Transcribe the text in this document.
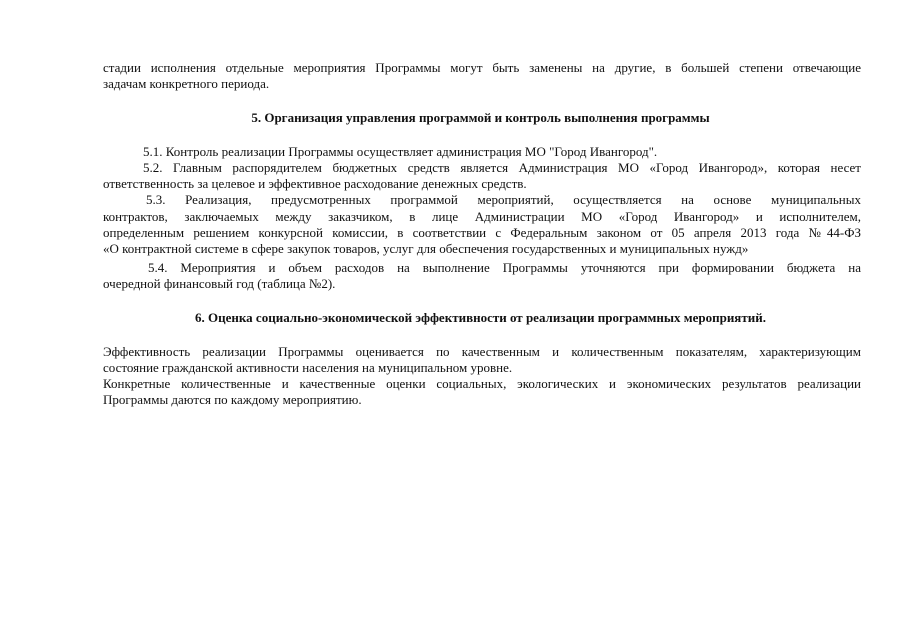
стадии исполнения отдельные мероприятия Программы могут быть заменены на другие, в большей степени отвечающие
задачам конкретного периода.
5. Организация управления программой и контроль выполнения программы
5.1. Контроль реализации Программы осуществляет администрация МО "Город Ивангород".
5.2. Главным распорядителем бюджетных средств является Администрация МО «Город Ивангород», которая несет
ответственность за целевое и эффективное расходование денежных средств.
5.3. Реализация, предусмотренных программой мероприятий, осуществляется на основе муниципальных
контрактов, заключаемых между заказчиком, в лице Администрации МО «Город Ивангород» и исполнителем,
определенным решением конкурсной комиссии, в соответствии с Федеральным законом от 05 апреля 2013 года №44-ФЗ
«О контрактной системе в сфере закупок товаров, услуг для обеспечения государственных и муниципальных нужд»
5.4. Мероприятия и объем расходов на выполнение Программы уточняются при формировании бюджета на
очередной финансовый год (таблица №2).
6. Оценка социально-экономической эффективности от реализации программных мероприятий.
Эффективность реализации Программы оценивается по качественным и количественным показателям, характеризующим
состояние гражданской активности населения на муниципальном уровне.
Конкретные количественные и качественные оценки социальных, экологических и экономических результатов реализации
Программы даются по каждому мероприятию.
